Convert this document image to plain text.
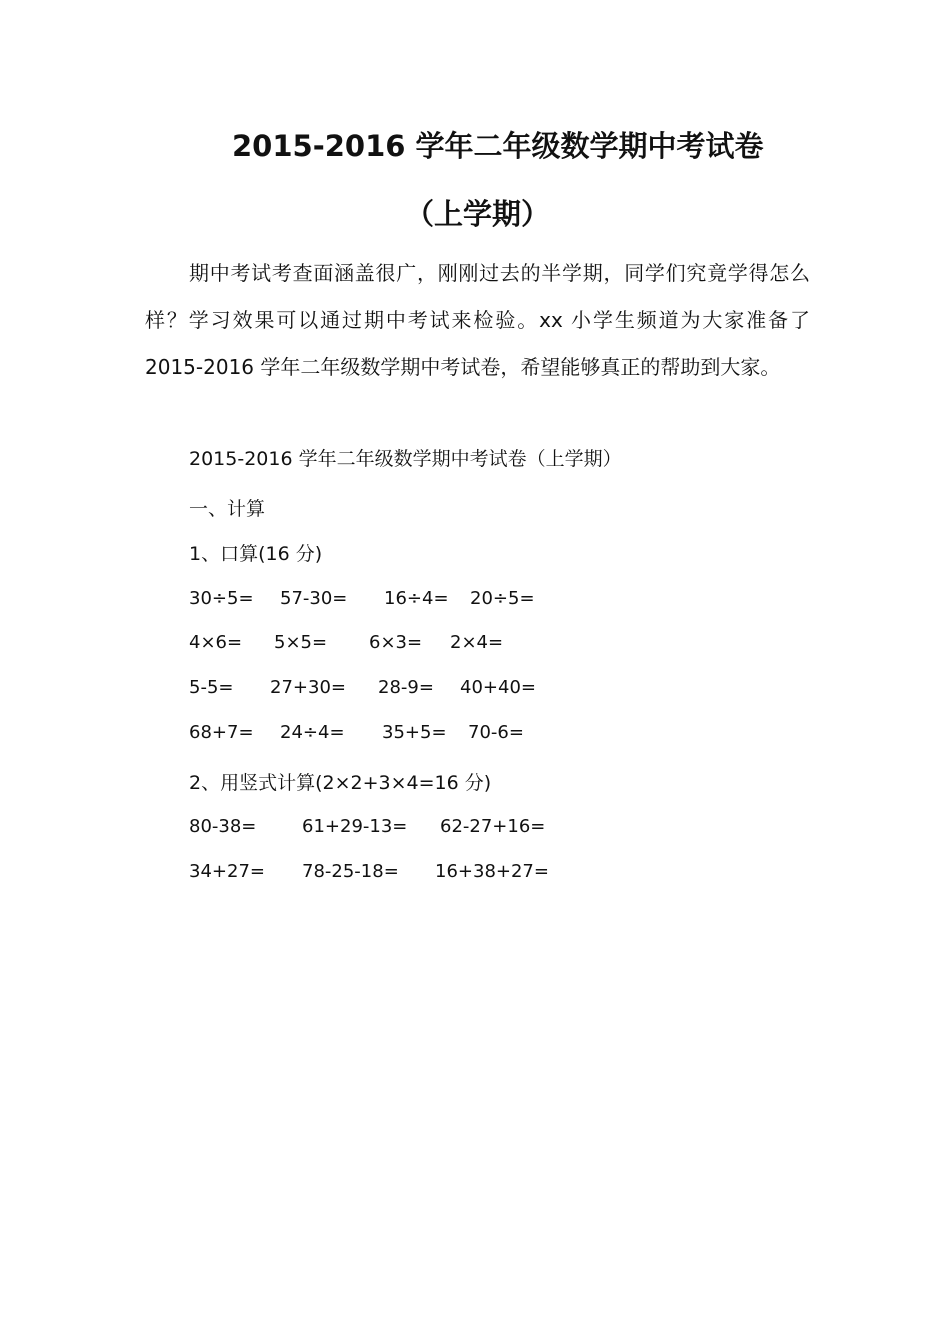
2015-2016 学年二年级数学期中考试卷
（上学期）
期中考试考查面涵盖很广，刚刚过去的半学期，同学们究竟学得怎么样？学习效果可以通过期中考试来检验。xx 小学生频道为大家准备了 2015-2016 学年二年级数学期中考试卷，希望能够真正的帮助到大家。
2015-2016 学年二年级数学期中考试卷（上学期）
一、计算
1、口算(16 分)
30÷5= 57-30= 16÷4= 20÷5=
4×6= 5×5= 6×3= 2×4=
5-5= 27+30= 28-9= 40+40=
68+7= 24÷4= 35+5= 70-6=
2、用竖式计算(2×2+3×4=16 分)
80-38=	61+29-13= 62-27+16=
34+27= 78-25-18= 16+38+27=
